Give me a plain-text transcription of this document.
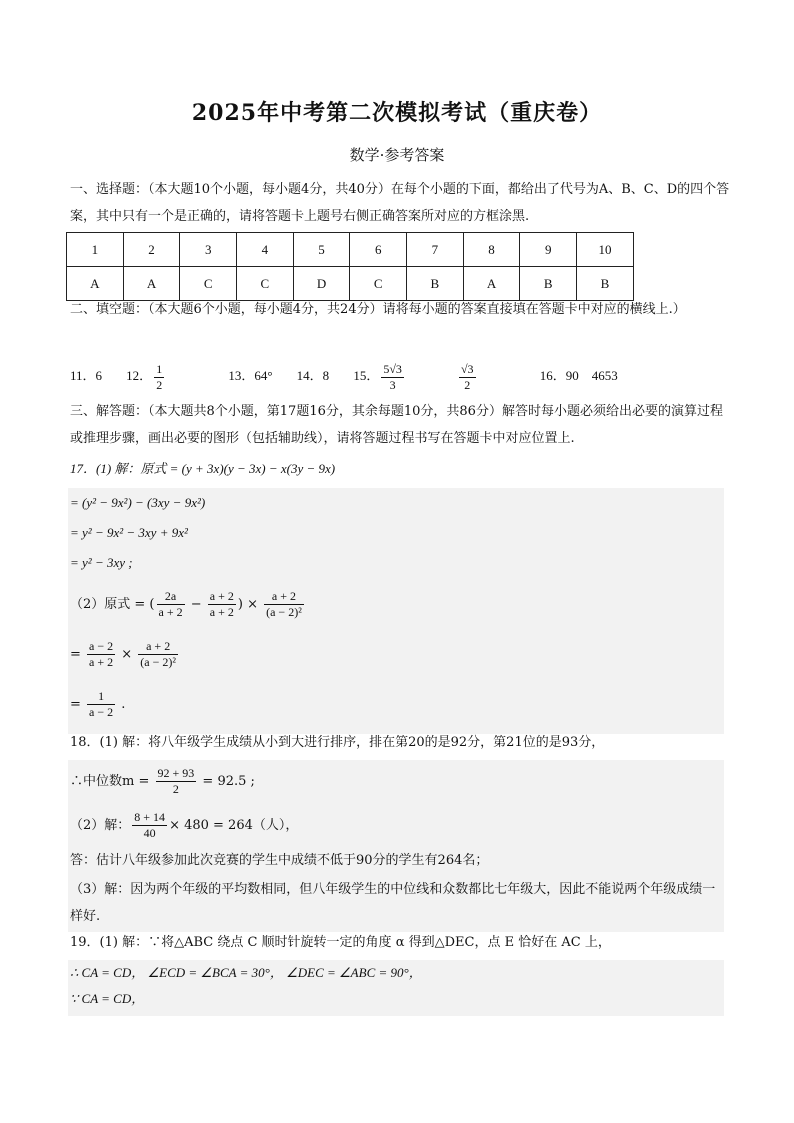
2025年中考第二次模拟考试（重庆卷）
数学·参考答案
一、选择题：（本大题10个小题，每小题4分，共40分）在每个小题的下面，都给出了代号为A、B、C、D的四个答案，其中只有一个是正确的，请将答题卡上题号右侧正确答案所对应的方框涂黑.
1	2	3	4	5	6	7	8	9	10
A	A	C	C	D	C	B	A	B	B
二、填空题：（本大题6个小题，每小题4分，共24分）请将每小题的答案直接填在答题卡中对应的横线上.）
11．6 12． $\frac{1}{2}$	13．64° 14．8 15． $\frac{5√3}{3}$
　	$\frac{√3}{2}$	16．90　4653
三、解答题：（本大题共8个小题，第17题16分，其余每题10分，共86分）解答时每小题必须给出必要的演算过程或推理步骤，画出必要的图形（包括辅助线），请将答题过程书写在答题卡中对应位置上.
17．(1) 解：原式 = (y + 3x)(y − 3x) − x(3y − 9x)
= (y² − 9x²) − (3xy − 9x²)
= y² − 9x² − 3xy + 9x²
= y² − 3xy ;
（2）原式 = ( $\frac{2a}{a + 2} - \frac{a + 2}{a + 2}$ ) × $\frac{a + 2}{\text{(a − 2)²}}$
= $\frac{a - 2}{a + 2} \times \frac{a + 2}{\text{(a − 2)²}}$
= $\frac{1}{a - 2}$ .
18．(1) 解：将八年级学生成绩从小到大进行排序，排在第20的是92分，第21位的是93分，
∴中位数$m = \frac{92 + 93}{2} = 92.5$ ;
（2）解： $\frac{8 + 14}{40} \times 480 = 264$（人），
答：估计八年级参加此次竞赛的学生中成绩不低于90分的学生有264名；
（3）解：因为两个年级的平均数相同，但八年级学生的中位线和众数都比七年级大，因此不能说两个年级成绩一样好.
19．(1) 解：∵将△ABC 绕点 C 顺时针旋转一定的角度 α 得到△DEC，点 E 恰好在 AC 上，
∴ CA = CD， ∠ECD = ∠BCA = 30°， ∠DEC = ∠ABC = 90°，
∵ CA = CD，
